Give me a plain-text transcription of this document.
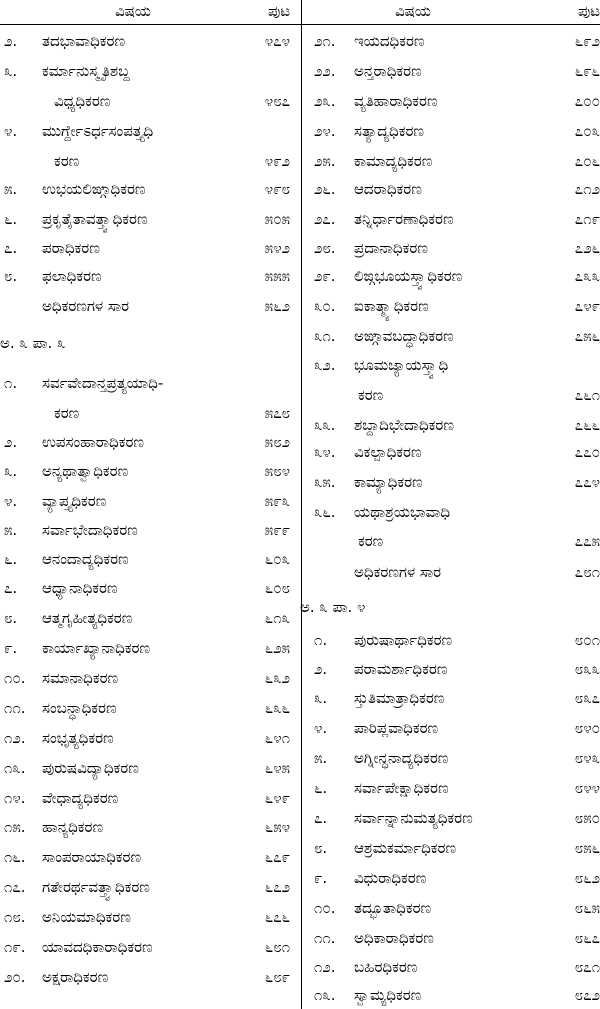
ವಿಷಯ	ಪುಟ
೨. ತದಭಾವಾಧಿಕರಣ	೪೭೪
೩. ಕರ್ಮಾನುಸ್ಮೃತಿಶಬ್ದ
ವಿಧ್ಯಧಿಕರಣ	೪೮೭
೪. ಮುರ್ಗ್ದೇಽರ್ಧಸಂಪತ್ತ್ಯಧಿ
ಕರಣ	೪೯೨
೫. ಉಭಯಲಿಙ್ಗಾಧಿಕರಣ	೪೯೮
೬. ಪ್ರಕೃತೈತಾವತ್ತ್ವಾಧಿಕರಣ	೫೦೫
೭. ಪರಾಧಿಕರಣ	೫೪೨
೮. ಫಲಾಧಿಕರಣ	೫೫೫
ಅಧಿಕರಣಗಳ ಸಾರ	೫೬೨
ಅ. ೩ ಪಾ. ೩
೧. ಸರ್ವವೇದಾನ್ತಪ್ರತ್ಯಯಾಧಿ-
ಕರಣ	೫೭೮
೨. ಉಪಸಂಹಾರಾಧಿಕರಣ	೫೮೨
೩. ಅನ್ಯಥಾತ್ವಾಧಿಕರಣ	೫೮೪
೪. ವ್ಯಾಪ್ತ್ಯಧಿಕರಣ	೫೯೩
೫. ಸರ್ವಾಭೇದಾಧಿಕರಣ	೫೯೯
೬. ಆನಂದಾದ್ಯಧಿಕರಣ	೬೦೩
೭. ಆಧ್ಯಾನಾಧಿಕರಣ	೬೦೮
೮. ಆತ್ಮಗೃಹೀತ್ಯಧಿಕರಣ	೬೧೩
೯. ಕಾರ್ಯಾಖ್ಯಾನಾಧಿಕರಣ	೬೨೫
೧೦. ಸಮಾನಾಧಿಕರಣ	೬೩೨
೧೧. ಸಂಬನ್ಧಾಧಿಕರಣ	೬೩೬
೧೨. ಸಂಭೃತ್ಯಧಿಕರಣ	೬೪೧
೧೩. ಪುರುಷವಿದ್ಯಾಧಿಕರಣ	೬೪೫
೧೪. ವೇಧಾದ್ಯಧಿಕರಣ	೬೪೯
೧೫. ಹಾನ್ಯಧಿಕರಣ	೬೫೪
೧೬. ಸಾಂಪರಾಯಾಧಿಕರಣ	೬೭೯
೧೭. ಗತೇರರ್ಥವತ್ತ್ವಾಧಿಕರಣ	೬೭೨
೧೮. ಅನಿಯಮಾಧಿಕರಣ	೬೭೬
೧೯. ಯಾವದಧಿಕಾರಾಧಿಕರಣ	೬೮೧
೨೦. ಅಕ್ಷರಾಧಿಕರಣ	೬೮೯
ವಿಷಯ	ಪುಟ
೨೧. ಇಯದಧಿಕರಣ	೬೯೨
೨೨. ಅನ್ತರಾಧಿಕರಣ	೬೯೬
೨೩. ವ್ಯತಿಹಾರಾಧಿಕರಣ	೭೦೦
೨೪. ಸತ್ಯಾದ್ಯಧಿಕರಣ	೭೦೩
೨೫. ಕಾಮಾದ್ಯಧಿಕರಣ	೭೦೬
೨೬. ಆದರಾಧಿಕರಣ	೭೧೨
೨೭. ತನ್ನಿರ್ಧಾರಣಾಧಿಕರಣ	೭೧೯
೨೮. ಪ್ರದಾನಾಧಿಕರಣ	೭೨೬
೨೯. ಲಿಙ್ಗಭೂಯಸ್ತ್ವಾಧಿಕರಣ	೭೩೩
೩೦. ಐಕಾತ್ಮ್ಯಾಧಿಕರಣ	೭೪೯
೩೧. ಅಙ್ಗಾವಬದ್ಧಾಧಿಕರಣ	೭೫೬
೩೨. ಭೂಮಜ್ಯಾಯಸ್ತ್ವಾಧಿ
ಕರಣ	೭೬೧
೩೩. ಶಬ್ದಾದಿಭೇದಾಧಿಕರಣ	೭೬೬
೩೪. ವಿಕಲ್ಪಾಧಿಕರಣ	೭೭೦
೩೫. ಕಾಮ್ಯಾಧಿಕರಣ	೭೭೪
೩೬. ಯಥಾಶ್ರಯಭಾವಾಧಿ
ಕರಣ	೭೭೫
ಅಧಿಕರಣಗಳ ಸಾರ	೭೮೧
ಅ. ೩ ಪಾ. ೪
೧. ಪುರುಷಾರ್ಥಾಧಿಕರಣ	೮೦೧
೨. ಪರಾಮರ್ಶಾಧಿಕರಣ	೮೩೩
೩. ಸ್ತುತಿಮಾತ್ರಾಧಿಕರಣ	೮೩೭
೪. ಪಾರಿಪ್ಲವಾಧಿಕರಣ	೮೪೦
೫. ಅಗ್ನೀನ್ಧನಾದ್ಯಧಿಕರಣ	೮೪೩
೬. ಸರ್ವಾಪೇಕ್ಷಾಧಿಕರಣ	೮೪೪
೭. ಸರ್ವಾನ್ನಾನುಮತ್ಯಧಿಕರಣ	೮೫೦
೮. ಆಶ್ರಮಕರ್ಮಾಧಿಕರಣ	೮೫೬
೯. ವಿಧುರಾಧಿಕರಣ	೮೬೨
೧೦. ತದ್ಭೂತಾಧಿಕರಣ	೮೬೫
೧೧. ಅಧಿಕಾರಾಧಿಕರಣ	೮೬೭
೧೨. ಬಹಿರಧಿಕರಣ	೮೭೧
೧೩. ಸ್ವಾಮ್ಯಧಿಕರಣ	೮೭೨
